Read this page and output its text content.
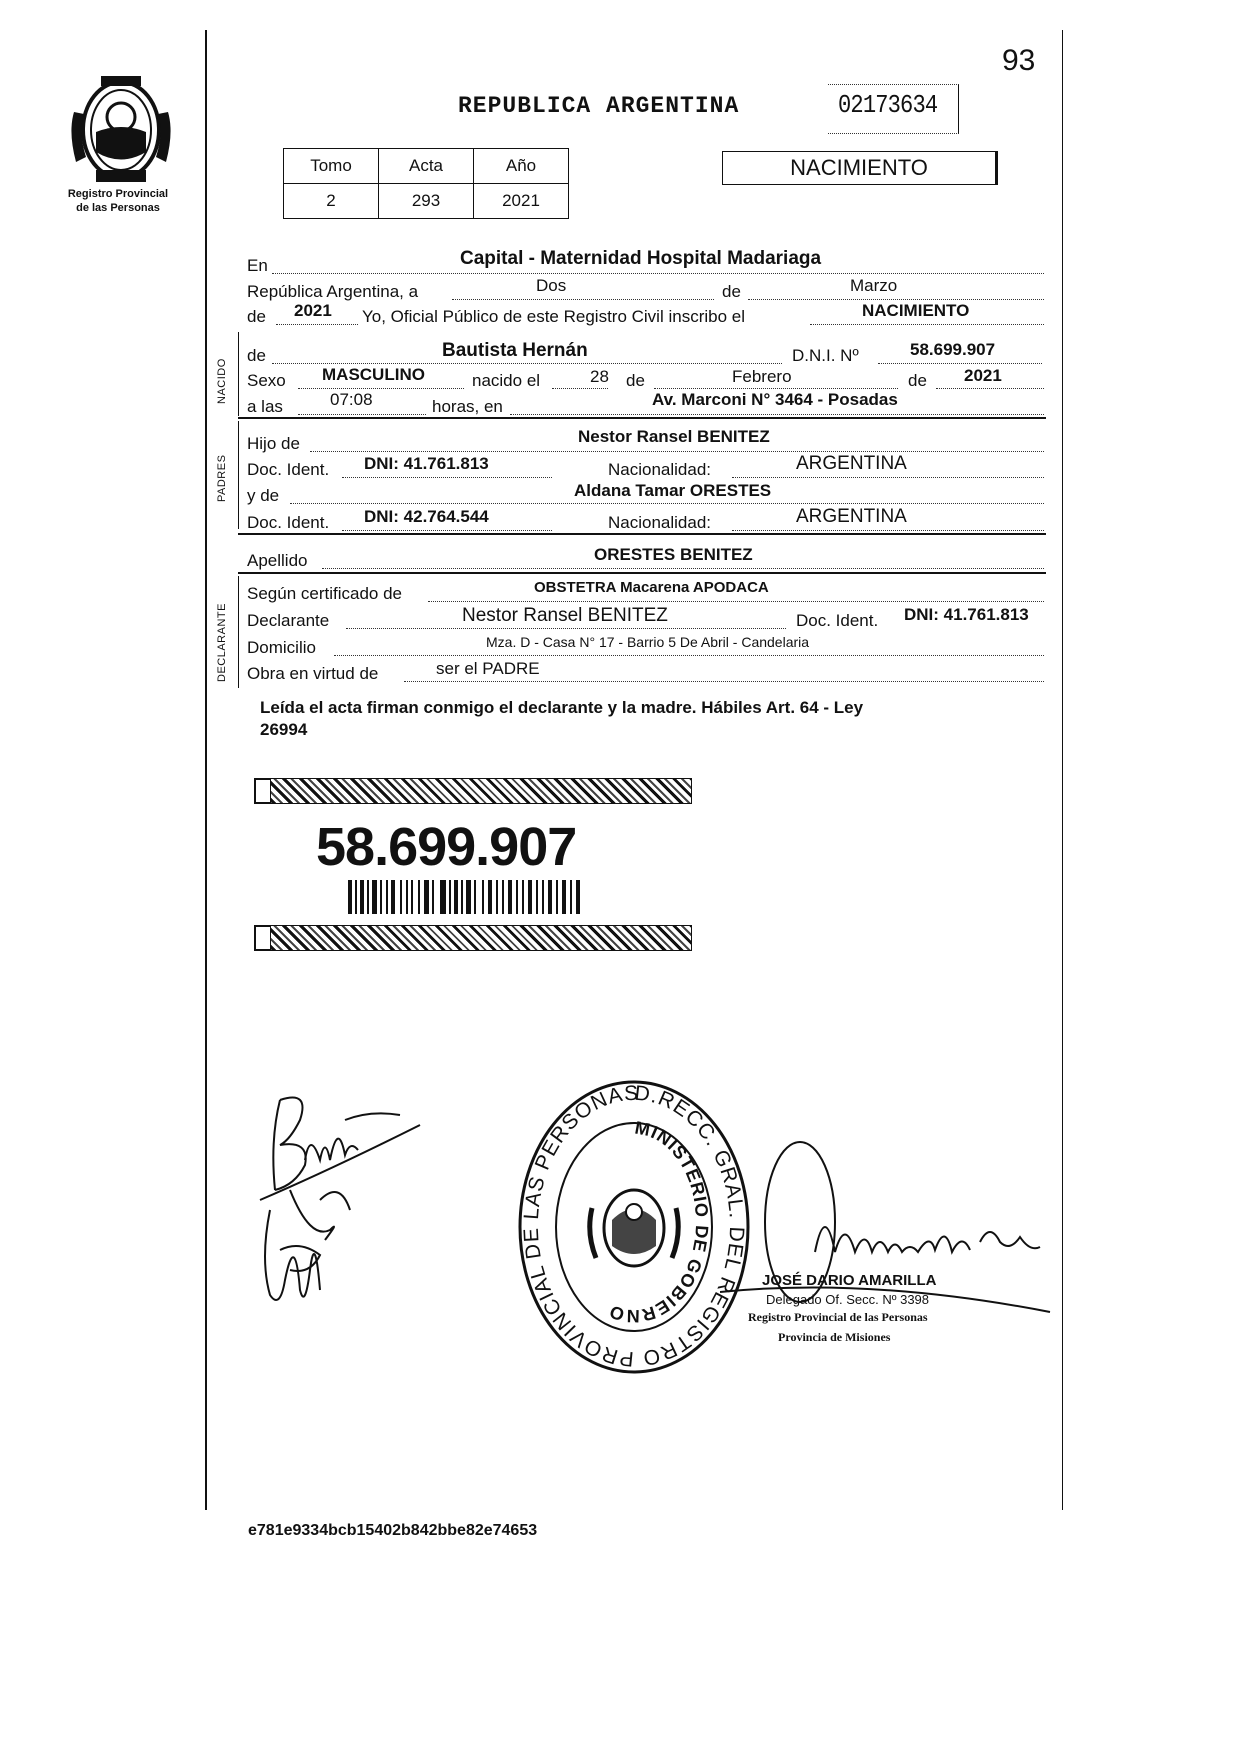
93
Registro Provincial
de las Personas
REPUBLICA ARGENTINA	02173634
Tomo	Acta	Año
2	293	2021
NACIMIENTO
En	Capital - Maternidad Hospital Madariaga
República Argentina, a	Dos	de	Marzo
de 2021 Yo, Oficial Público de este Registro Civil inscribo el	NACIMIENTO
NACIDO
de	Bautista Hernán	D.N.I. Nº	58.699.907
Sexo MASCULINO	nacido el	28 de	Febrero	de 2021
a las	07:08	horas, en	Av. Marconi N° 3464 - Posadas
PADRES
Hijo de	Nestor Ransel BENITEZ
Doc. Ident. DNI: 41.761.813	Nacionalidad:	ARGENTINA
y de	Aldana Tamar ORESTES
Doc. Ident. DNI: 42.764.544	Nacionalidad:	ARGENTINA
Apellido	ORESTES BENITEZ
DECLARANTE
Según certificado de	OBSTETRA Macarena APODACA
Declarante	Nestor Ransel BENITEZ	Doc. Ident. DNI: 41.761.813
Domicilio	Mza. D - Casa N° 17 - Barrio 5 De Abril - Candelaria
Obra en virtud de	ser el PADRE
Leída el acta firman conmigo el declarante y la madre. Hábiles Art. 64 - Ley
26994
58.699.907
D.RECC. GRAL. DEL REGISTRO PROVINCIAL DE LAS PERSONAS
MINISTERIO DE GOBIERNO
JOSÉ DARIO AMARILLA
Delegado Of. Secc. Nº 3398
Registro Provincial de las Personas
Provincia de Misiones
e781e9334bcb15402b842bbe82e74653
